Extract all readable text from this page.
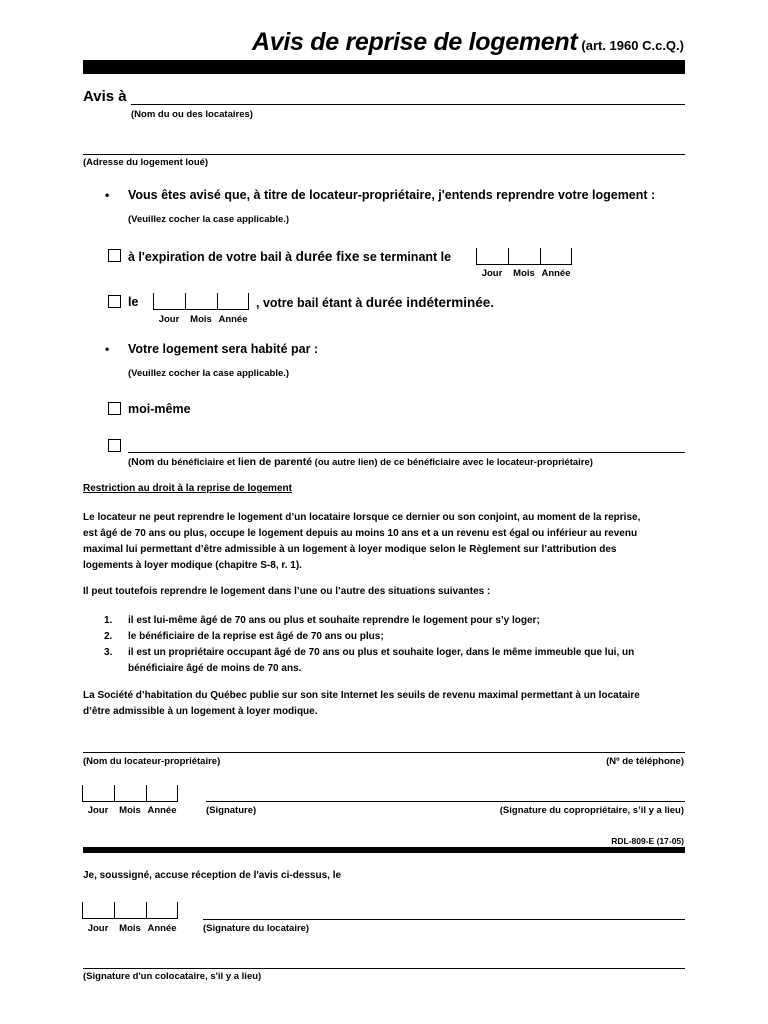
Avis de reprise de logement (art. 1960 C.c.Q.)
Avis à
(Nom du ou des locataires)
(Adresse du logement loué)
• Vous êtes avisé que, à titre de locateur-propriétaire, j'entends reprendre votre logement :
(Veuillez cocher la case applicable.)
à l'expiration de votre bail à durée fixe se terminant le
Jour	Mois Année
le
Jour	Mois Année
, votre bail étant à durée indéterminée.
• Votre logement sera habité par :
(Veuillez cocher la case applicable.)
moi-même
(Nom du bénéficiaire et lien de parenté (ou autre lien) de ce bénéficiaire avec le locateur-propriétaire)
Restriction au droit à la reprise de logement
Le locateur ne peut reprendre le logement d’un locataire lorsque ce dernier ou son conjoint, au moment de la reprise,
est âgé de 70 ans ou plus, occupe le logement depuis au moins 10 ans et a un revenu est égal ou inférieur au revenu
maximal lui permettant d’être admissible à un logement à loyer modique selon le Règlement sur l’attribution des
logements à loyer modique (chapitre S-8, r. 1).
Il peut toutefois reprendre le logement dans l’une ou l’autre des situations suivantes :
1. il est lui-même âgé de 70 ans ou plus et souhaite reprendre le logement pour s’y loger;
2. le bénéficiaire de la reprise est âgé de 70 ans ou plus;
3. il est un propriétaire occupant âgé de 70 ans ou plus et souhaite loger, dans le même immeuble que lui, un
bénéficiaire âgé de moins de 70 ans.
La Société d’habitation du Québec publie sur son site Internet les seuils de revenu maximal permettant à un locataire
d’être admissible à un logement à loyer modique.
(Nom du locateur-propriétaire)	(Nº de téléphone)
Jour	Mois Année	(Signature)	(Signature du copropriétaire, s’il y a lieu)
RDL-809-E (17-05)
Je, soussigné, accuse réception de l'avis ci-dessus, le
Jour	Mois Année	(Signature du locataire)
(Signature d'un colocataire, s'il y a lieu)
